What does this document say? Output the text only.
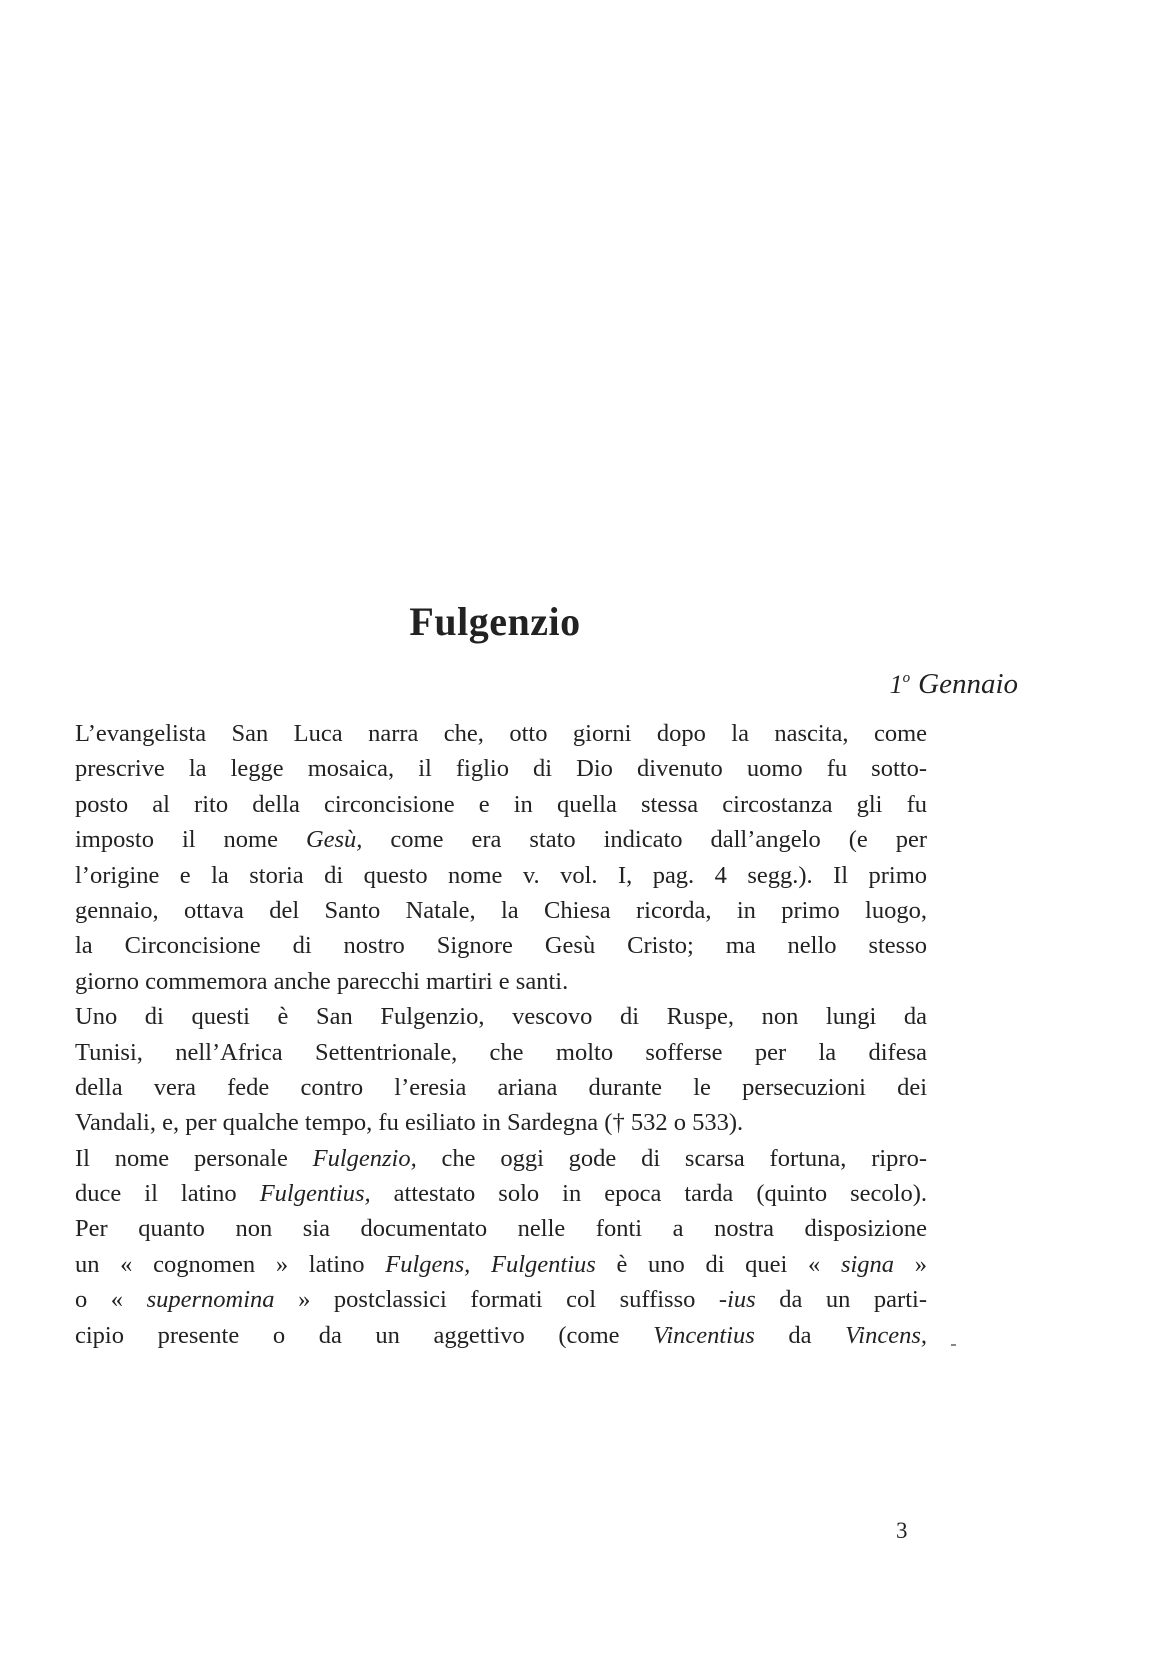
Fulgenzio
1$^o$ Gennaio
L’evangelista San Luca narra che, otto giorni dopo la nascita, come
prescrive la legge mosaica, il figlio di Dio divenuto uomo fu sotto-
posto al rito della circoncisione e in quella stessa circostanza gli fu
imposto il nome Gesù, come era stato indicato dall’angelo (e per
l’origine e la storia di questo nome v. vol. I, pag. 4 segg.). Il primo
gennaio, ottava del Santo Natale, la Chiesa ricorda, in primo luogo,
la Circoncisione di nostro Signore Gesù Cristo; ma nello stesso
giorno commemora anche parecchi martiri e santi.
Uno di questi è San Fulgenzio, vescovo di Ruspe, non lungi da
Tunisi, nell’Africa Settentrionale, che molto sofferse per la difesa
della vera fede contro l’eresia ariana durante le persecuzioni dei
Vandali, e, per qualche tempo, fu esiliato in Sardegna († 532 o 533).
Il nome personale Fulgenzio, che oggi gode di scarsa fortuna, ripro-
duce il latino Fulgentius, attestato solo in epoca tarda (quinto secolo).
Per quanto non sia documentato nelle fonti a nostra disposizione
un « cognomen » latino Fulgens, Fulgentius è uno di quei « signa »
o « supernomina » postclassici formati col suffisso -ius da un parti-
cipio presente o da un aggettivo (come Vincentius da Vincens,
3
